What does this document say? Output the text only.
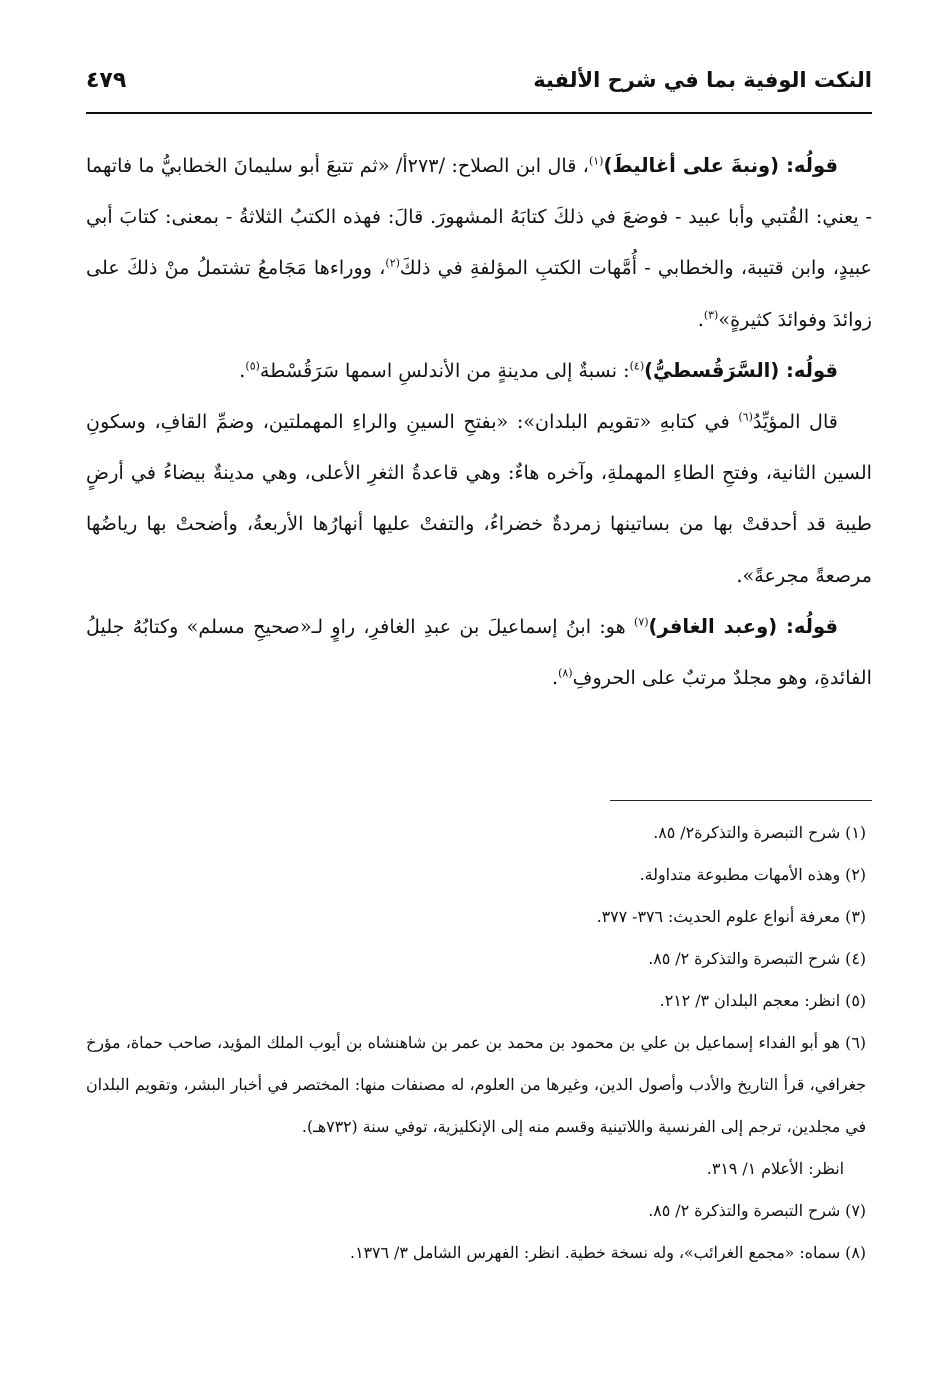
النكت الوفية بما في شرح الألفية
٤٧٩

قولُه: (ونبةَ على أغاليطَ)$^{(١)}$، قال ابن الصلاح: /٢٧٣أ/ «ثم تتبعَ أبو سليمانَ الخطابيُّ ما فاتهما - يعني: القُتبي وأبا عبيد - فوضعَ في ذلكَ كتابَهُ المشهورَ. قالَ: فهذه الكتبُ الثلاثةُ - بمعنى: كتابَ أبي عبيدٍ، وابن قتيبة، والخطابي - أُمَّهات الكتبِ المؤلفةِ في ذلكَ$^{(٢)}$، ووراءها مَجَامعُ تشتملُ منْ ذلكَ على زوائدَ وفوائدَ كثيرةٍ»$^{(٣)}$.

قولُه: (السَّرَقُسطيُّ)$^{(٤)}$: نسبةٌ إلى مدينةٍ من الأندلسِ اسمها سَرَقُسْطة$^{(٥)}$.

قال المؤيِّدُ$^{(٦)}$ في كتابهِ «تقويم البلدان»: «بفتحِ السينِ والراءِ المهملتين، وضمِّ القافِ، وسكونِ السين الثانية، وفتحِ الطاءِ المهملةِ، وآخره هاءٌ: وهي قاعدةُ الثغرِ الأعلى، وهي مدينةٌ بيضاءُ في أرضٍ طيبة قد أحدقتْ بها من بساتينها زمردةٌ خضراءُ، والتفتْ عليها أنهارُها الأربعةُ، وأضحتْ بها رياضُها مرصعةً مجرعةً».

قولُه: (وعبد الغافر)$^{(٧)}$ هو: ابنُ إسماعيلَ بن عبدِ الغافرِ، راوٍ لـ«صحيحِ مسلم» وكتابُهُ جليلُ الفائدةِ، وهو مجلدٌ مرتبٌ على الحروفِ$^{(٨)}$.

(١) شرح التبصرة والتذكرة٢/ ٨٥.

(٢) وهذه الأمهات مطبوعة متداولة.

(٣) معرفة أنواع علوم الحديث: ٣٧٦- ٣٧٧.

(٤) شرح التبصرة والتذكرة ٢/ ٨٥.

(٥) انظر: معجم البلدان ٣/ ٢١٢.

(٦) هو أبو الفداء إسماعيل بن علي بن محمود بن محمد بن عمر بن شاهنشاه بن أيوب الملك المؤيد، صاحب حماة، مؤرخ جغرافي، قرأ التاريخ والأدب وأصول الدين، وغيرها من العلوم، له مصنفات منها: المختصر في أخبار البشر، وتقويم البلدان في مجلدين، ترجم إلى الفرنسية واللاتينية وقسم منه إلى الإنكليزية، توفي سنة (٧٣٢هـ).

انظر: الأعلام ١/ ٣١٩.

(٧) شرح التبصرة والتذكرة ٢/ ٨٥.

(٨) سماه: «مجمع الغرائب»، وله نسخة خطية. انظر: الفهرس الشامل ٣/ ١٣٧٦.
